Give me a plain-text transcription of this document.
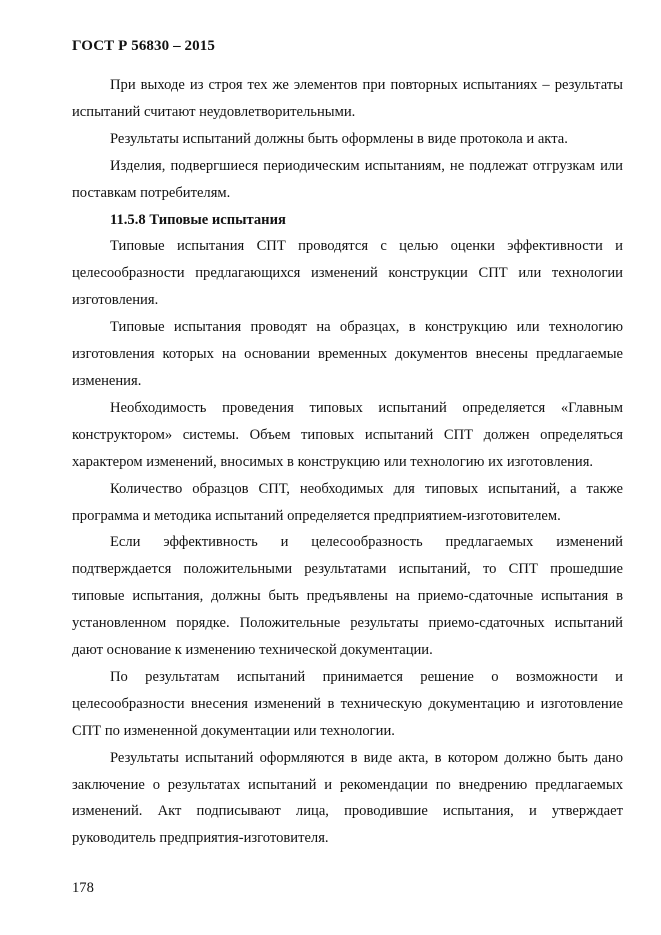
ГОСТ Р 56830 – 2015

При выходе из строя тех же элементов при повторных испытаниях – результаты испытаний считают неудовлетворительными.

Результаты испытаний должны быть оформлены в виде протокола и акта.

Изделия, подвергшиеся периодическим испытаниям, не подлежат отгрузкам или поставкам потребителям.

11.5.8 Типовые испытания

Типовые испытания СПТ проводятся с целью оценки эффективности и целесообразности предлагающихся изменений конструкции СПТ или технологии изготовления.

Типовые испытания проводят на образцах, в конструкцию или технологию изготовления которых на основании временных документов внесены предлагаемые изменения.

Необходимость проведения типовых испытаний определяется «Главным конструктором» системы. Объем типовых испытаний СПТ должен определяться характером изменений, вносимых в конструкцию или технологию их изготовления.

Количество образцов СПТ, необходимых для типовых испытаний, а также программа и методика испытаний определяется предприятием-изготовителем.

Если эффективность и целесообразность предлагаемых изменений подтверждается положительными результатами испытаний, то СПТ прошедшие типовые испытания, должны быть предъявлены на приемо-сдаточные испытания в установленном порядке. Положительные результаты приемо-сдаточных испытаний дают основание к изменению технической документации.

По результатам испытаний принимается решение о возможности и целесообразности внесения изменений в техническую документацию и изготовление СПТ по измененной документации или технологии.

Результаты испытаний оформляются в виде акта, в котором должно быть дано заключение о результатах испытаний и рекомендации по внедрению предлагаемых изменений. Акт подписывают лица, проводившие испытания, и утверждает руководитель предприятия-изготовителя.

178
